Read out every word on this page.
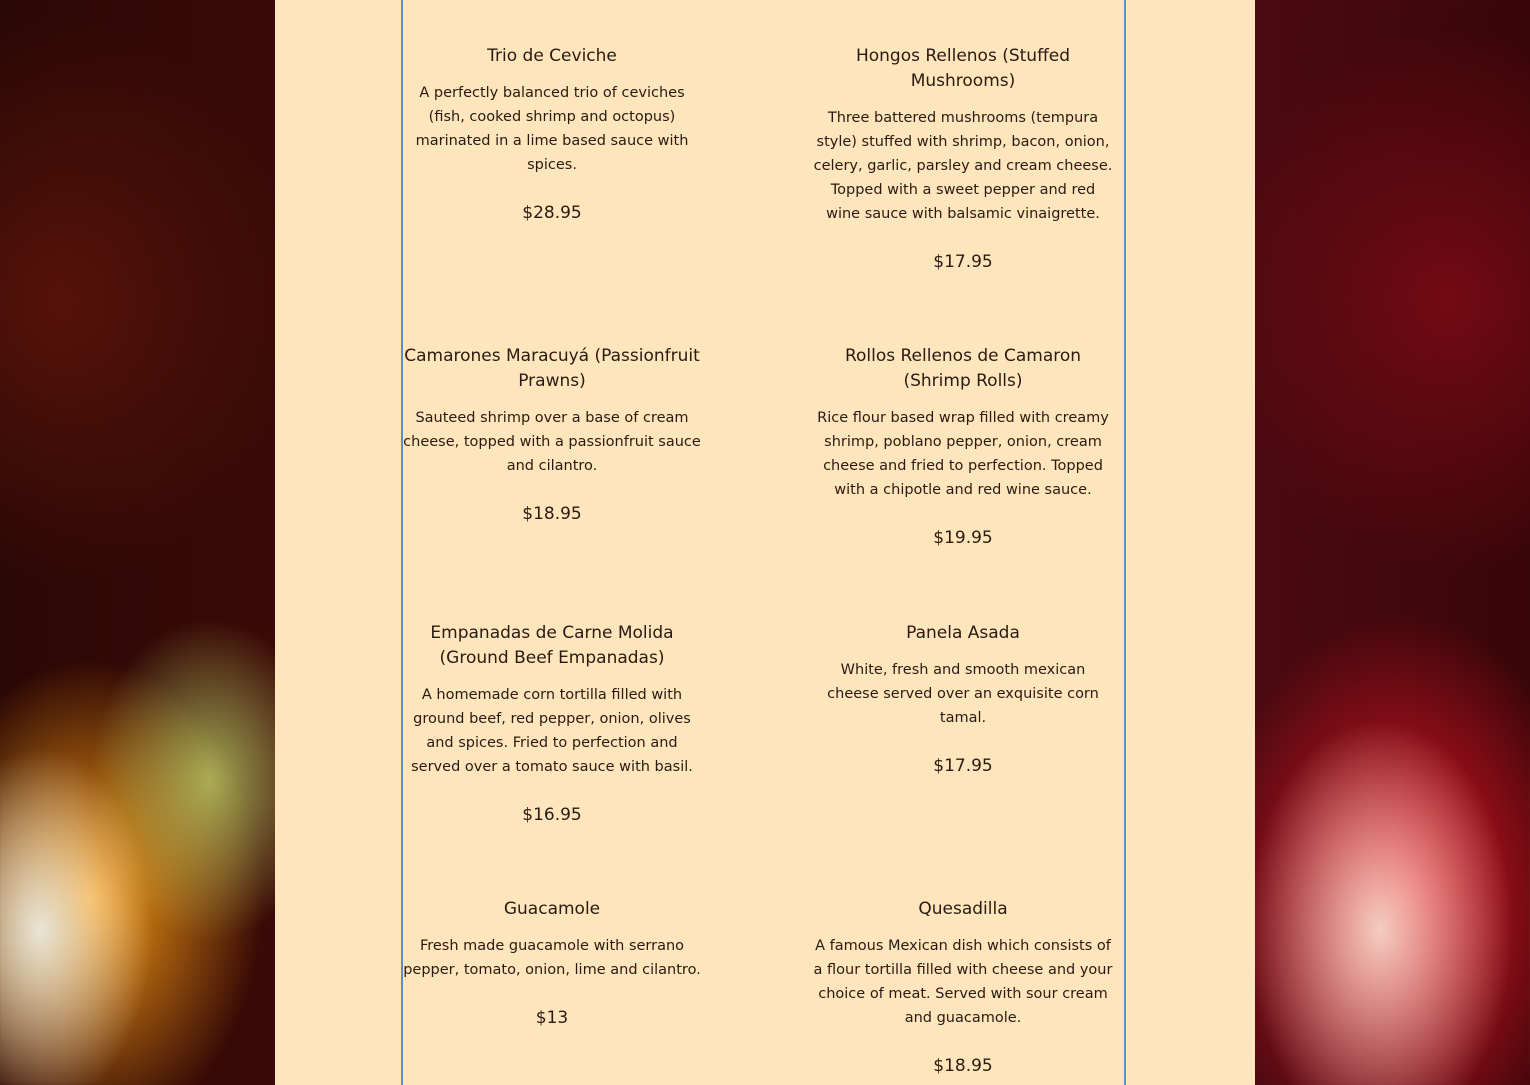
Trio de Ceviche

A perfectly balanced trio of ceviches (fish, cooked shrimp and octopus) marinated in a lime based sauce with spices.

$28.95

Hongos Rellenos (Stuffed Mushrooms)

Three battered mushrooms (tempura style) stuffed with shrimp, bacon, onion, celery, garlic, parsley and cream cheese. Topped with a sweet pepper and red wine sauce with balsamic vinaigrette.

$17.95

Camarones Maracuyá (Passionfruit Prawns)

Sauteed shrimp over a base of cream cheese, topped with a passionfruit sauce and cilantro.

$18.95

Rollos Rellenos de Camaron (Shrimp Rolls)

Rice flour based wrap filled with creamy shrimp, poblano pepper, onion, cream cheese and fried to perfection. Topped with a chipotle and red wine sauce.

$19.95

Empanadas de Carne Molida (Ground Beef Empanadas)

A homemade corn tortilla filled with ground beef, red pepper, onion, olives and spices. Fried to perfection and served over a tomato sauce with basil.

$16.95

Panela Asada

White, fresh and smooth mexican cheese served over an exquisite corn tamal.

$17.95

Guacamole

Fresh made guacamole with serrano pepper, tomato, onion, lime and cilantro.

$13

Quesadilla

A famous Mexican dish which consists of a flour tortilla filled with cheese and your choice of meat. Served with sour cream and guacamole.

$18.95
